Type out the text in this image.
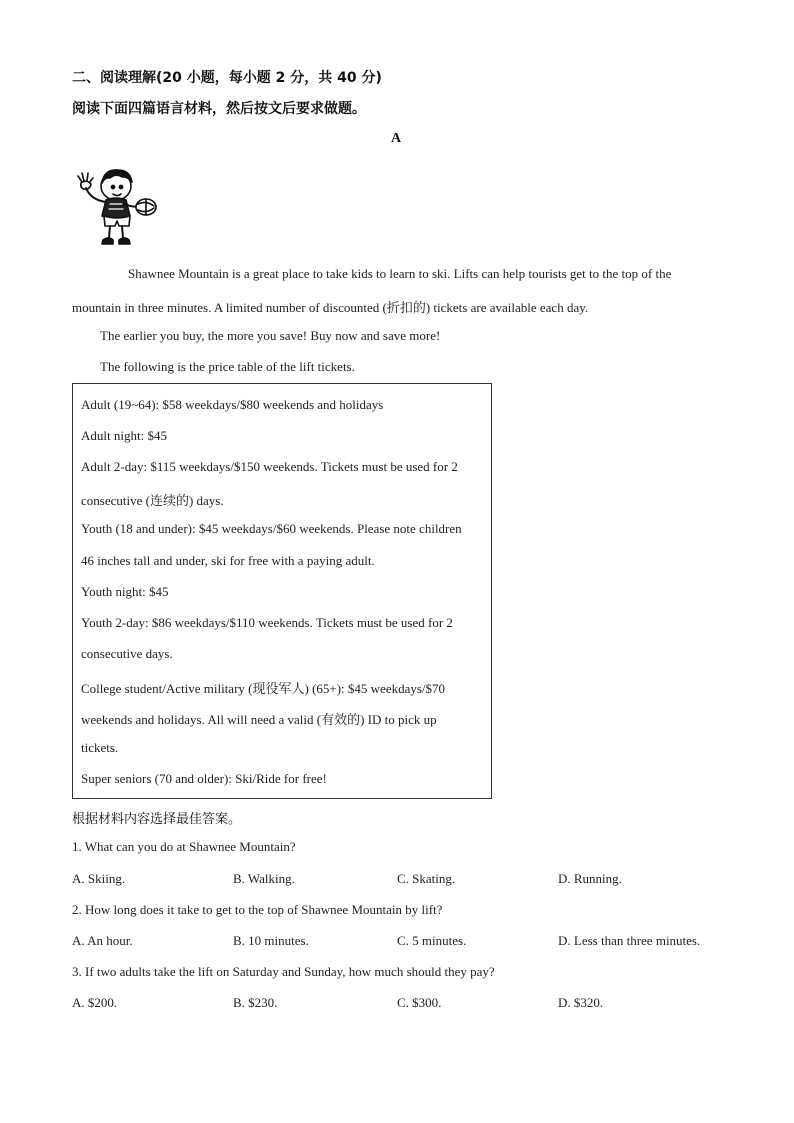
二、阅读理解(20 小题，每小题 2 分，共 40 分)
阅读下面四篇语言材料，然后按文后要求做题。
A
Shawnee Mountain is a great place to take kids to learn to ski. Lifts can help tourists get to the top of the
mountain in three minutes. A limited number of discounted (折扣的) tickets are available each day.
The earlier you buy, the more you save! Buy now and save more!
The following is the price table of the lift tickets.
Adult (19~64): $58 weekdays/$80 weekends and holidays
Adult night: $45
Adult 2-day: $115 weekdays/$150 weekends. Tickets must be used for 2
consecutive (连续的) days.
Youth (18 and under): $45 weekdays/$60 weekends. Please note children
46 inches tall and under, ski for free with a paying adult.
Youth night: $45
Youth 2-day: $86 weekdays/$110 weekends. Tickets must be used for 2
consecutive days.
College student/Active military (现役军人) (65+): $45 weekdays/$70
weekends and holidays. All will need a valid (有效的) ID to pick up
tickets.
Super seniors (70 and older): Ski/Ride for free!
根据材料内容选择最佳答案。
1. What can you do at Shawnee Mountain?
A. Skiing.	B. Walking.	C. Skating.	D. Running.
2. How long does it take to get to the top of Shawnee Mountain by lift?
A. An hour.	B. 10 minutes.	C. 5 minutes.	D. Less than three minutes.
3. If two adults take the lift on Saturday and Sunday, how much should they pay?
A. $200.	B. $230.	C. $300.	D. $320.
